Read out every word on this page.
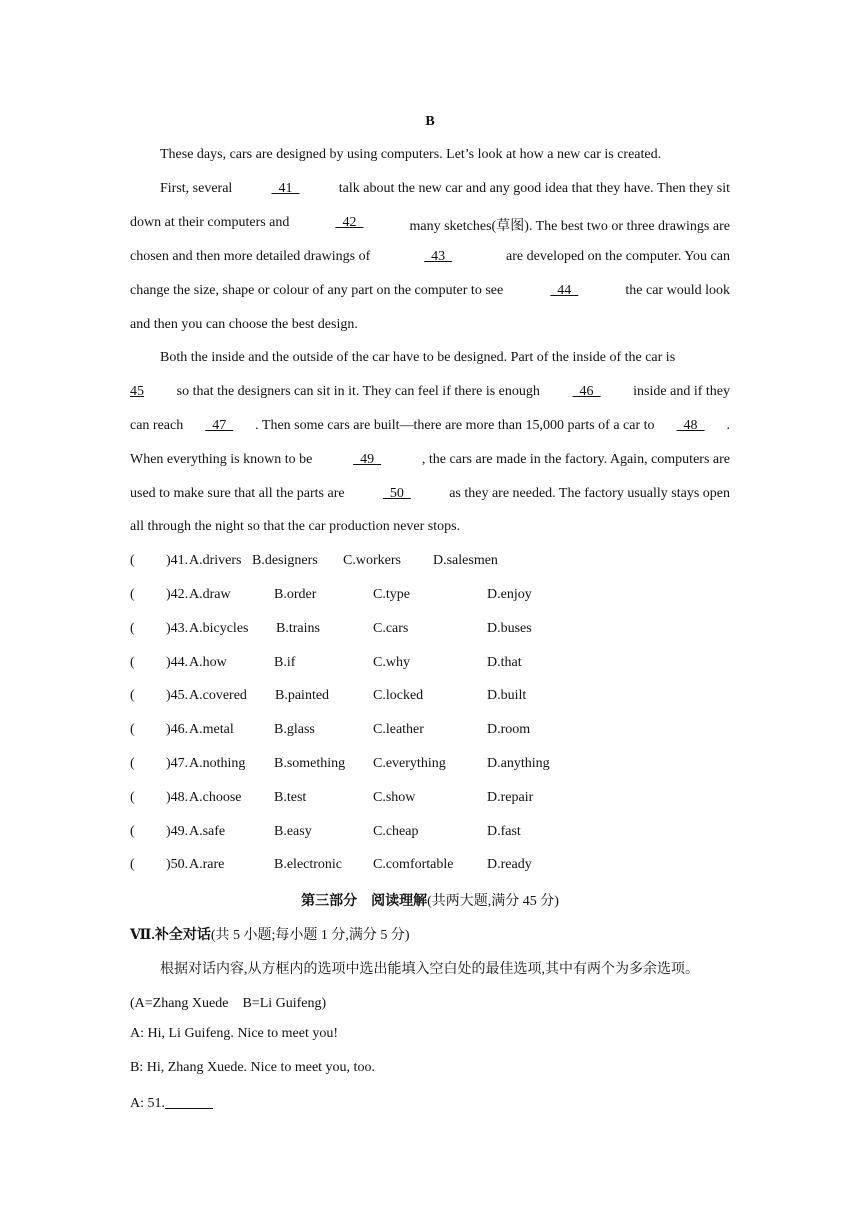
B
These days, cars are designed by using computers. Let’s look at how a new car is created.
First, several	41	talk about the new car and any good idea that they have. Then they sit
down at their computers and	42	many sketches(草图). The best two or three drawings are
chosen and then more detailed drawings of	43	are developed on the computer. You can
change the size, shape or colour of any part on the computer to see	44	the car would look
and then you can choose the best design.
Both the inside and the outside of the car have to be designed. Part of the inside of the car is
45 so that the designers can sit in it. They can feel if there is enough 46 inside and if they
can reach 47 . Then some cars are built—there are more than 15,000 parts of a car to 48 .
When everything is known to be	49	, the cars are made in the factory. Again, computers are
used to make sure that all the parts are	50	as they are needed. The factory usually stays open
all through the night so that the car production never stops.
( )41. A.drivers B.designers C.workers D.salesmen
( )42. A.draw	B.order	C.type	D.enjoy
( )43. A.bicycles B.trains	C.cars	D.buses
( )44. A.how	B.if	C.why	D.that
( )45. A.covered B.painted	C.locked	D.built
( )46. A.metal	B.glass	C.leather	D.room
( )47. A.nothing B.something C.everything	D.anything
( )48. A.choose B.test	C.show	D.repair
( )49. A.safe	B.easy	C.cheap	D.fast
( )50. A.rare	B.electronic C.comfortable D.ready
第三部分　阅读理解(共两大题,满分 45 分)
Ⅶ.补全对话(共 5 小题;每小题 1 分,满分 5 分)
根据对话内容,从方框内的选项中选出能填入空白处的最佳选项,其中有两个为多余选项。
(A=Zhang Xuede　B=Li Guifeng)
A: Hi, Li Guifeng. Nice to meet you!
B: Hi, Zhang Xuede. Nice to meet you, too.
A: 51.
